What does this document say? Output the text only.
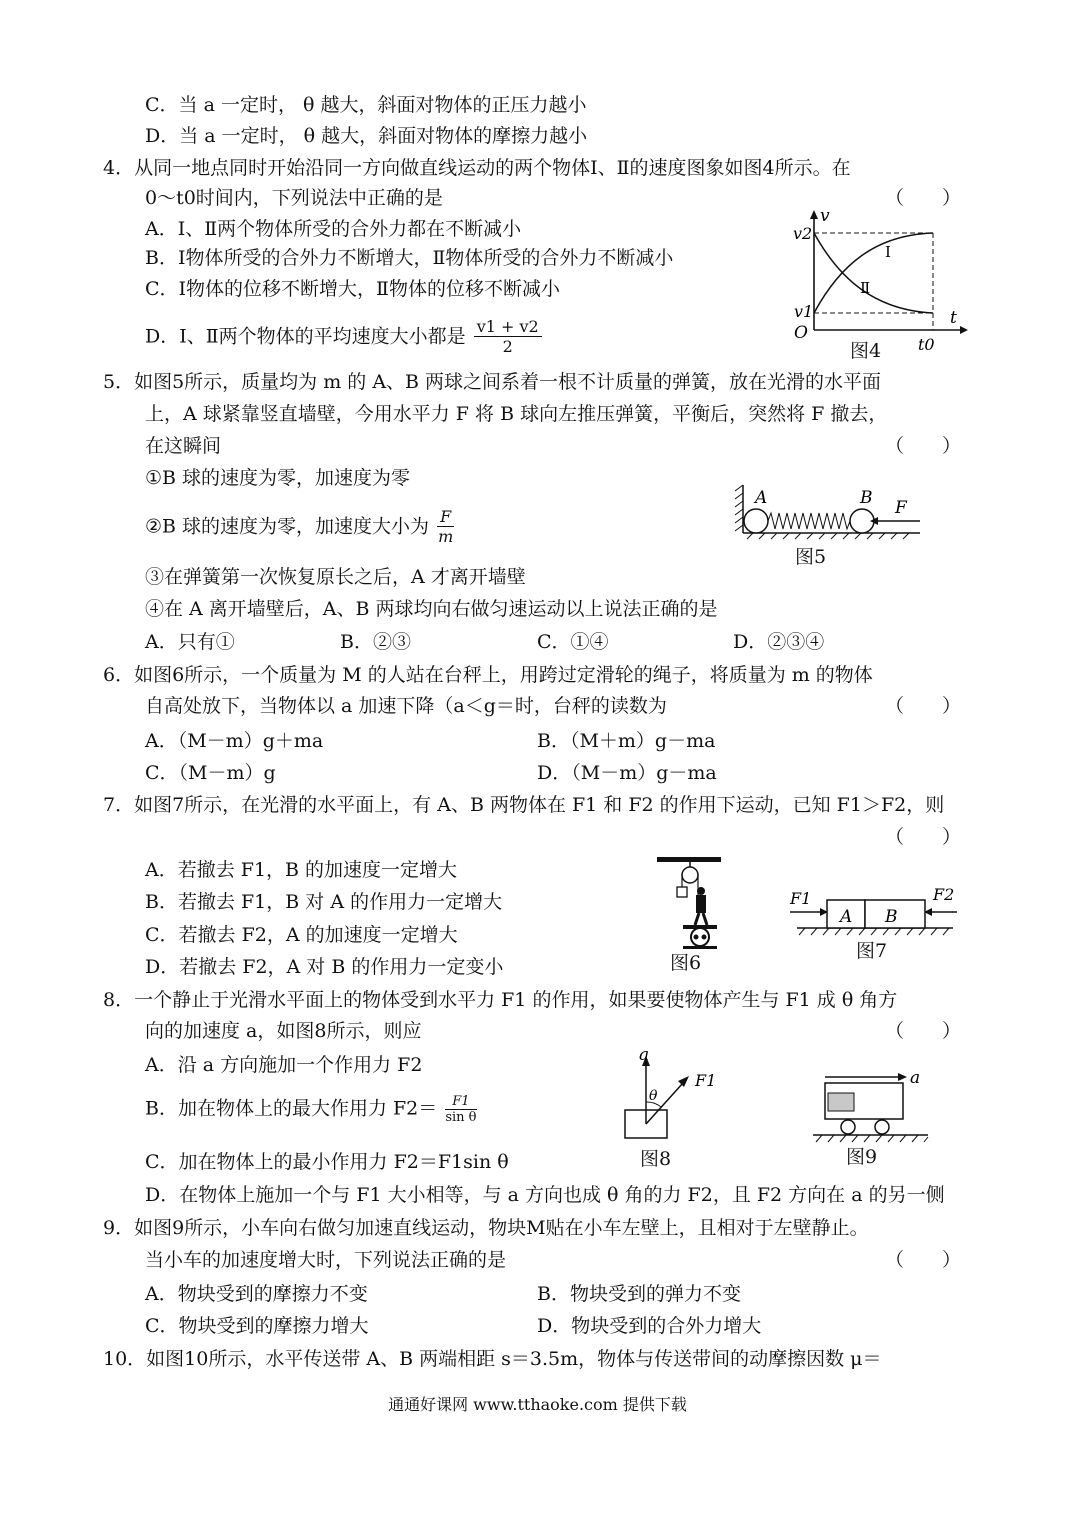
C．当 a 一定时， θ 越大，斜面对物体的正压力越小
D．当 a 一定时， θ 越大，斜面对物体的摩擦力越小
4．从同一地点同时开始沿同一方向做直线运动的两个物体Ⅰ、Ⅱ的速度图象如图4所示。在
0～t0时间内，下列说法中正确的是	（　　）
A．Ⅰ、Ⅱ两个物体所受的合外力都在不断减小
B．Ⅰ物体所受的合外力不断增大，Ⅱ物体所受的合外力不断减小
C．Ⅰ物体的位移不断增大，Ⅱ物体的位移不断减小
D．Ⅰ、Ⅱ两个物体的平均速度大小都是 $\frac{v1 + v2}{2}$
v
v2
v1
O
t
t0
Ⅰ
Ⅱ
图4
5．如图5所示，质量均为 m 的 A、B 两球之间系着一根不计质量的弹簧，放在光滑的水平面
上，A 球紧靠竖直墙壁，今用水平力 F 将 B 球向左推压弹簧，平衡后，突然将 F 撤去，
在这瞬间	（　　）
①B 球的速度为零，加速度为零
②B 球的速度为零，加速度大小为 $\frac{F}{m}$
③在弹簧第一次恢复原长之后，A 才离开墙壁
④在 A 离开墙壁后，A、B 两球均向右做匀速运动以上说法正确的是
A．只有①	B．②③	C．①④	D．②③④
A	B F
图5
6．如图6所示，一个质量为 M 的人站在台秤上，用跨过定滑轮的绳子，将质量为 m 的物体
自高处放下，当物体以 a 加速下降（a＜g＝时，台秤的读数为	（　　）
A．（M－m）g＋ma	B．（M＋m）g－ma
C．（M－m）g	D．（M－m）g－ma
7．如图7所示，在光滑的水平面上，有 A、B 两物体在 F1 和 F2 的作用下运动，已知 F1＞F2，则
（　　）
A．若撤去 F1，B 的加速度一定增大
B．若撤去 F1，B 对 A 的作用力一定增大
C．若撤去 F2，A 的加速度一定增大
D．若撤去 F2，A 对 B 的作用力一定变小	图6
F1	F2
A B
图7
8．一个静止于光滑水平面上的物体受到水平力 F1 的作用，如果要使物体产生与 F1 成 θ 角方
向的加速度 a，如图8所示，则应	（　　）
A．沿 a 方向施加一个作用力 F2
B．加在物体上的最大作用力 $F2= \frac{F1}{\text{sin θ}}$
C．加在物体上的最小作用力 F2＝F1sin θ
D．在物体上施加一个与 F1 大小相等，与 a 方向也成 θ 角的力 F2，且 F2 方向在 a 的另一侧
a
θ
F1
图8
a
图9
9．如图9所示，小车向右做匀加速直线运动，物块M贴在小车左壁上，且相对于左壁静止。
当小车的加速度增大时，下列说法正确的是	（　　）
A．物块受到的摩擦力不变	B．物块受到的弹力不变
C．物块受到的摩擦力增大	D．物块受到的合外力增大
10．如图10所示，水平传送带 A、B 两端相距 s＝3.5m，物体与传送带间的动摩擦因数 μ＝
通通好课网 www.tthaoke.com 提供下载
